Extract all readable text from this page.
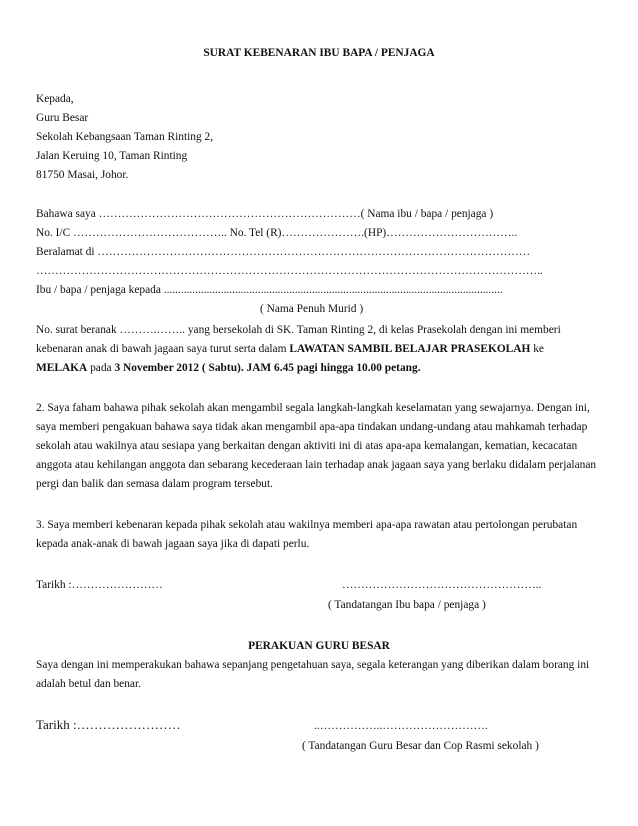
SURAT KEBENARAN IBU BAPA / PENJAGA
Kepada,
Guru Besar
Sekolah Kebangsaan Taman Rinting 2,
Jalan Keruing 10, Taman Rinting
81750 Masai, Johor.
Bahawa saya ……………………………………………………………( Nama ibu / bapa / penjaga )
No. I/C ………………………………….. No. Tel (R)………………….(HP)……………………………..
Beralamat di ……………………………………………………………………………………………………
……………………………………………………………………………………………………………………..
Ibu / bapa / penjaga kepada .......................................................................................................................
( Nama Penuh Murid )
No. surat beranak ……….…….. yang bersekolah di SK. Taman Rinting 2, di kelas Prasekolah dengan ini memberi
kebenaran anak di bawah jagaan saya turut serta dalam LAWATAN SAMBIL BELAJAR PRASEKOLAH ke
MELAKA pada 3 November 2012 ( Sabtu). JAM 6.45 pagi hingga 10.00 petang.
2. Saya faham bahawa pihak sekolah akan mengambil segala langkah-langkah keselamatan yang sewajarnya. Dengan ini,
saya memberi pengakuan bahawa saya tidak akan mengambil apa-apa tindakan undang-undang atau mahkamah terhadap
sekolah atau wakilnya atau sesiapa yang berkaitan dengan aktiviti ini di atas apa-apa kemalangan, kematian, kecacatan
anggota atau kehilangan anggota dan sebarang kecederaan lain terhadap anak jagaan saya yang berlaku didalam perjalanan
pergi dan balik dan semasa dalam program tersebut.
3. Saya memberi kebenaran kepada pihak sekolah atau wakilnya memberi apa-apa rawatan atau pertolongan perubatan
kepada anak-anak di bawah jagaan saya jika di dapati perlu.
Tarikh :……………………	……………………………………………..
( Tandatangan Ibu bapa / penjaga )
PERAKUAN GURU BESAR
Saya dengan ini memperakukan bahawa sepanjang pengetahuan saya, segala keterangan yang diberikan dalam borang ini
adalah betul dan benar.
Tarikh :……………………	..……………..……………………….
( Tandatangan Guru Besar dan Cop Rasmi sekolah )
